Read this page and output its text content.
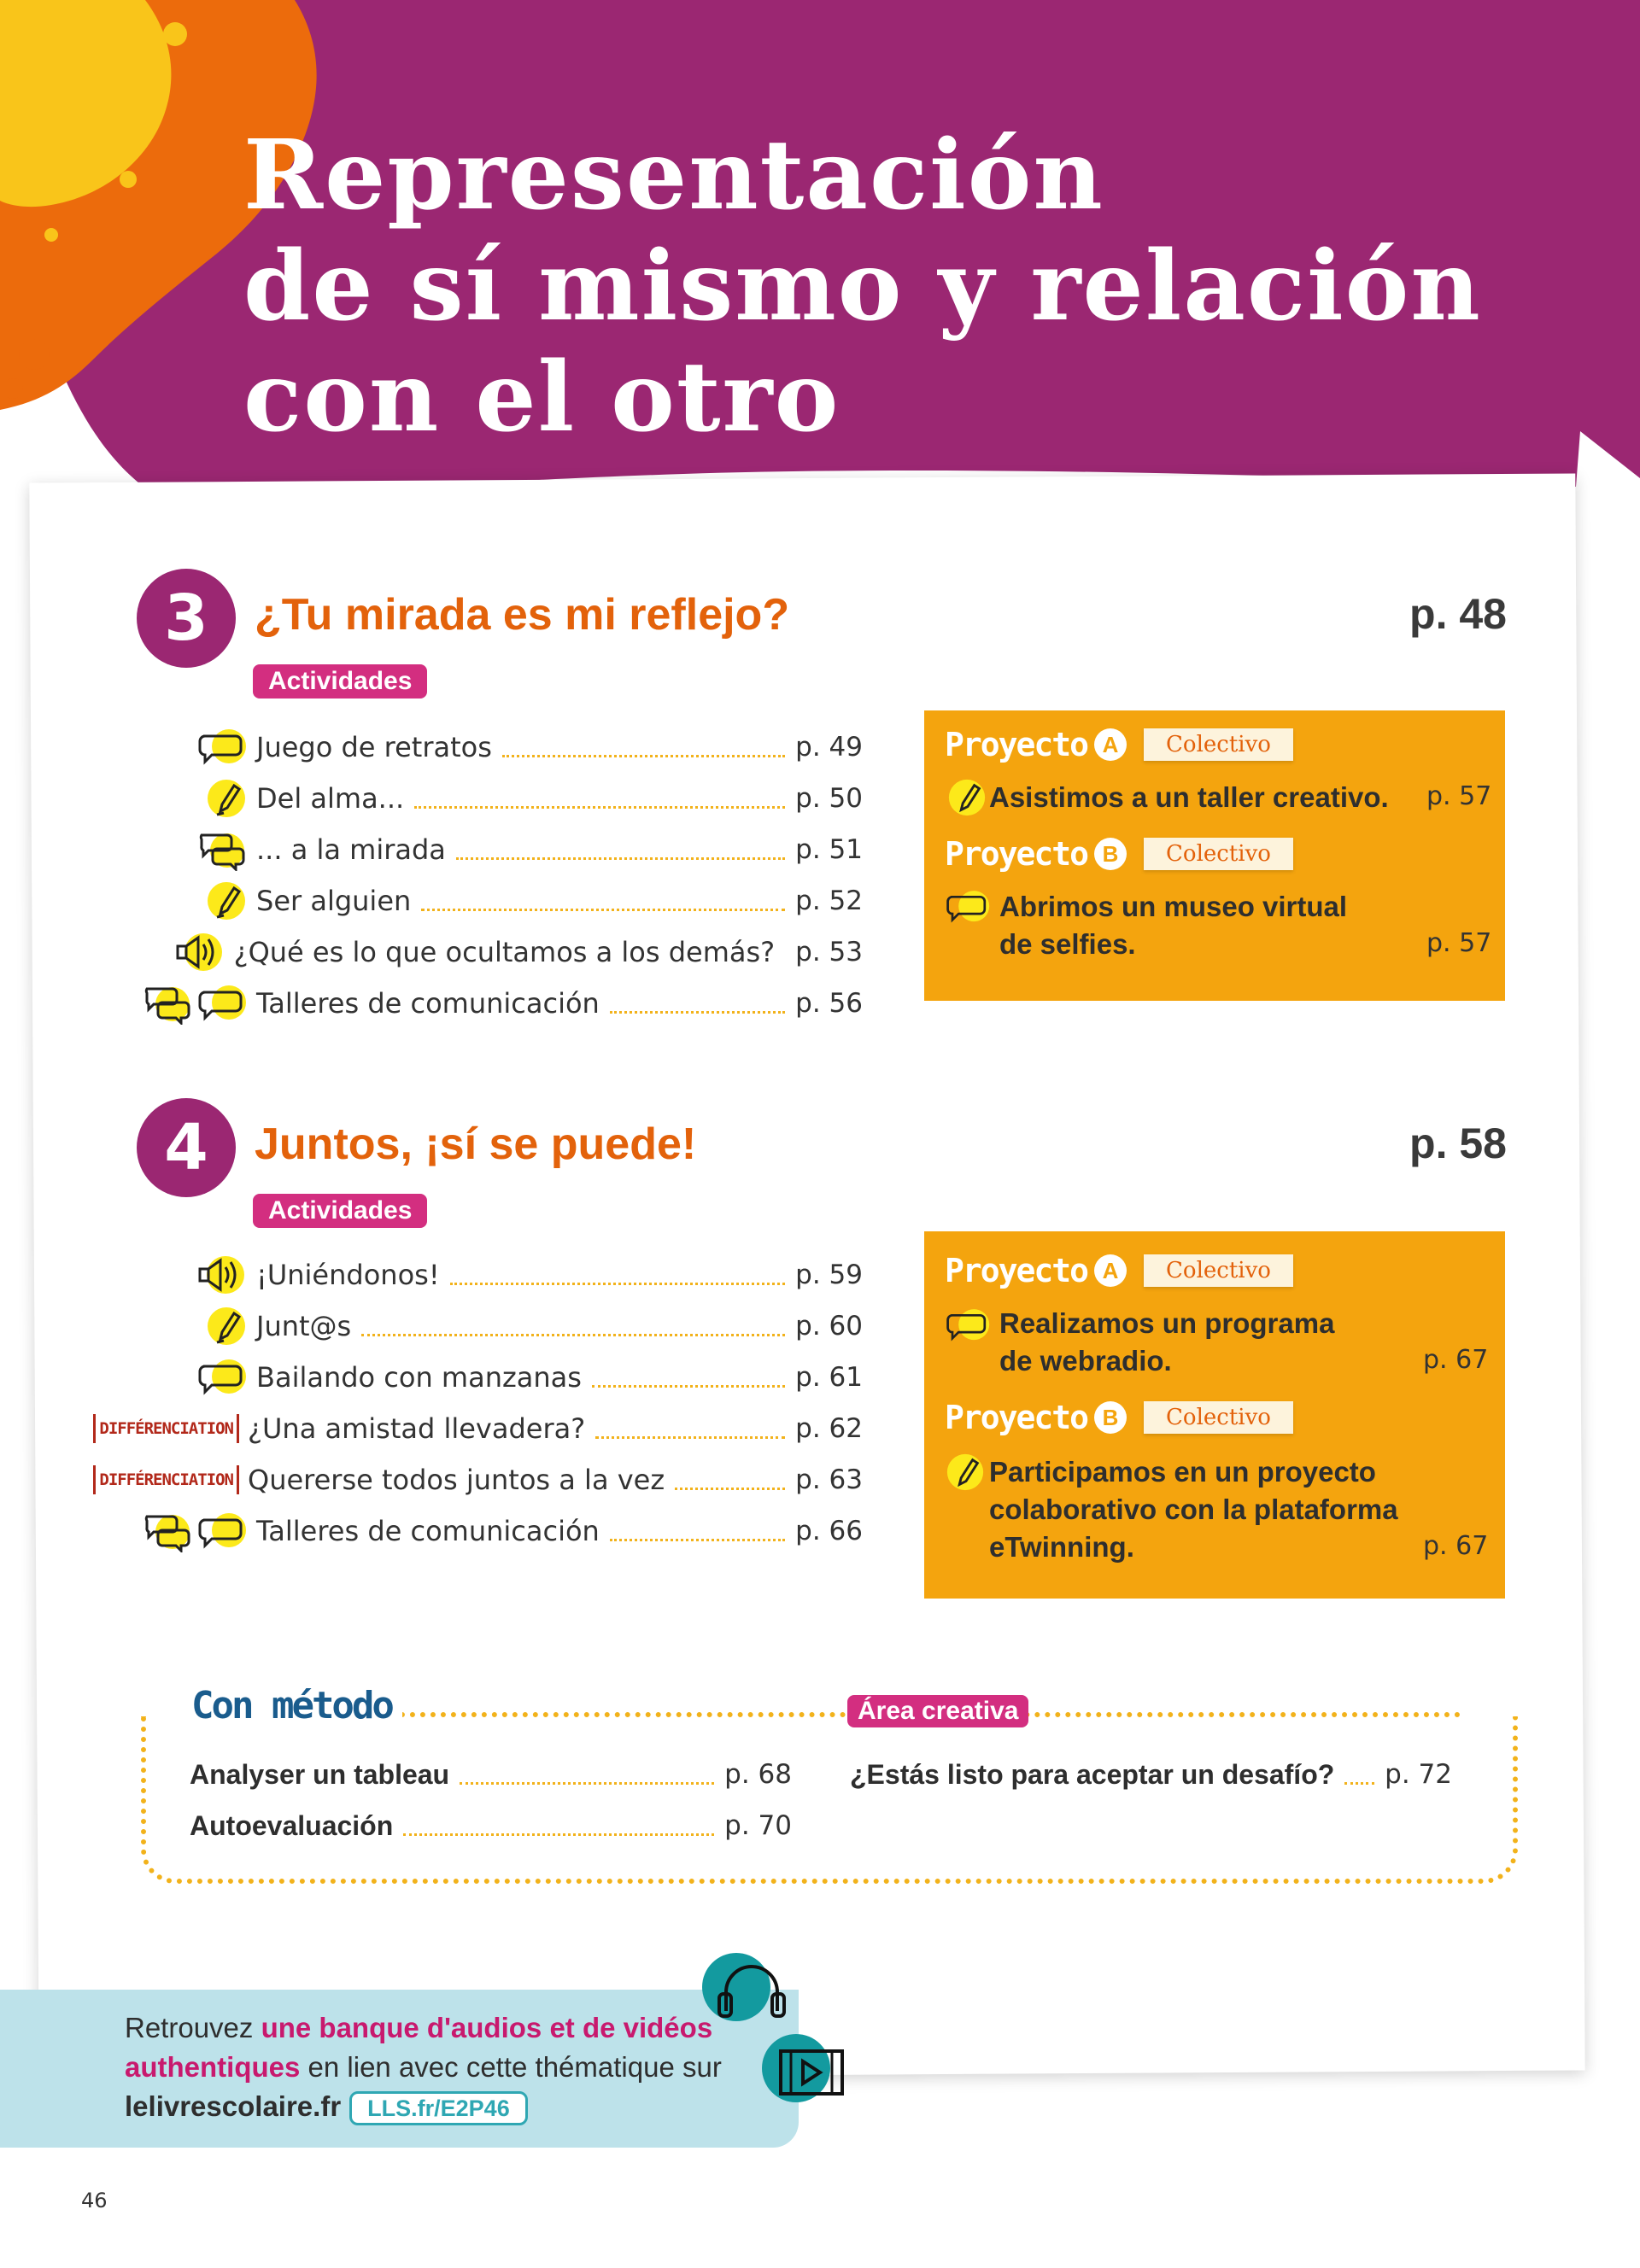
Representación
de sí mismo y relación
con el otro
3	¿Tu mirada es mi reflejo?	p. 48
Actividades
Juego de retratos	p. 49
Del alma...	p. 50
... a la mirada	p. 51
Ser alguien	p. 52
¿Qué es lo que ocultamos a los demás? p. 53
Talleres de comunicación	p. 56
Proyecto A	Colectivo
Asistimos a un taller creativo. p. 57
Proyecto B	Colectivo
Abrimos un museo virtual
de selfies.	p. 57
4	Juntos, ¡sí se puede!	p. 58
Actividades
¡Uniéndonos!	p. 59
Junt@s	p. 60
Bailando con manzanas	p. 61
DIFFÉRENCIATION ¿Una amistad llevadera?	p. 62
DIFFÉRENCIATION Quererse todos juntos a la vez	p. 63
Talleres de comunicación	p. 66
Proyecto A	Colectivo
Realizamos un programa
de webradio.	p. 67
Proyecto B	Colectivo
Participamos en un proyecto
colaborativo con la plataforma
eTwinning.	p. 67
Con método	Área creativa
Analyser un tableau	p. 68
Autoevaluación	p. 70
¿Estás listo para aceptar un desafío? p. 72
Retrouvez une banque d'audios et de vidéos authentiques en lien avec cette thématique sur
lelivrescolaire.fr LLS.fr/E2P46
46
